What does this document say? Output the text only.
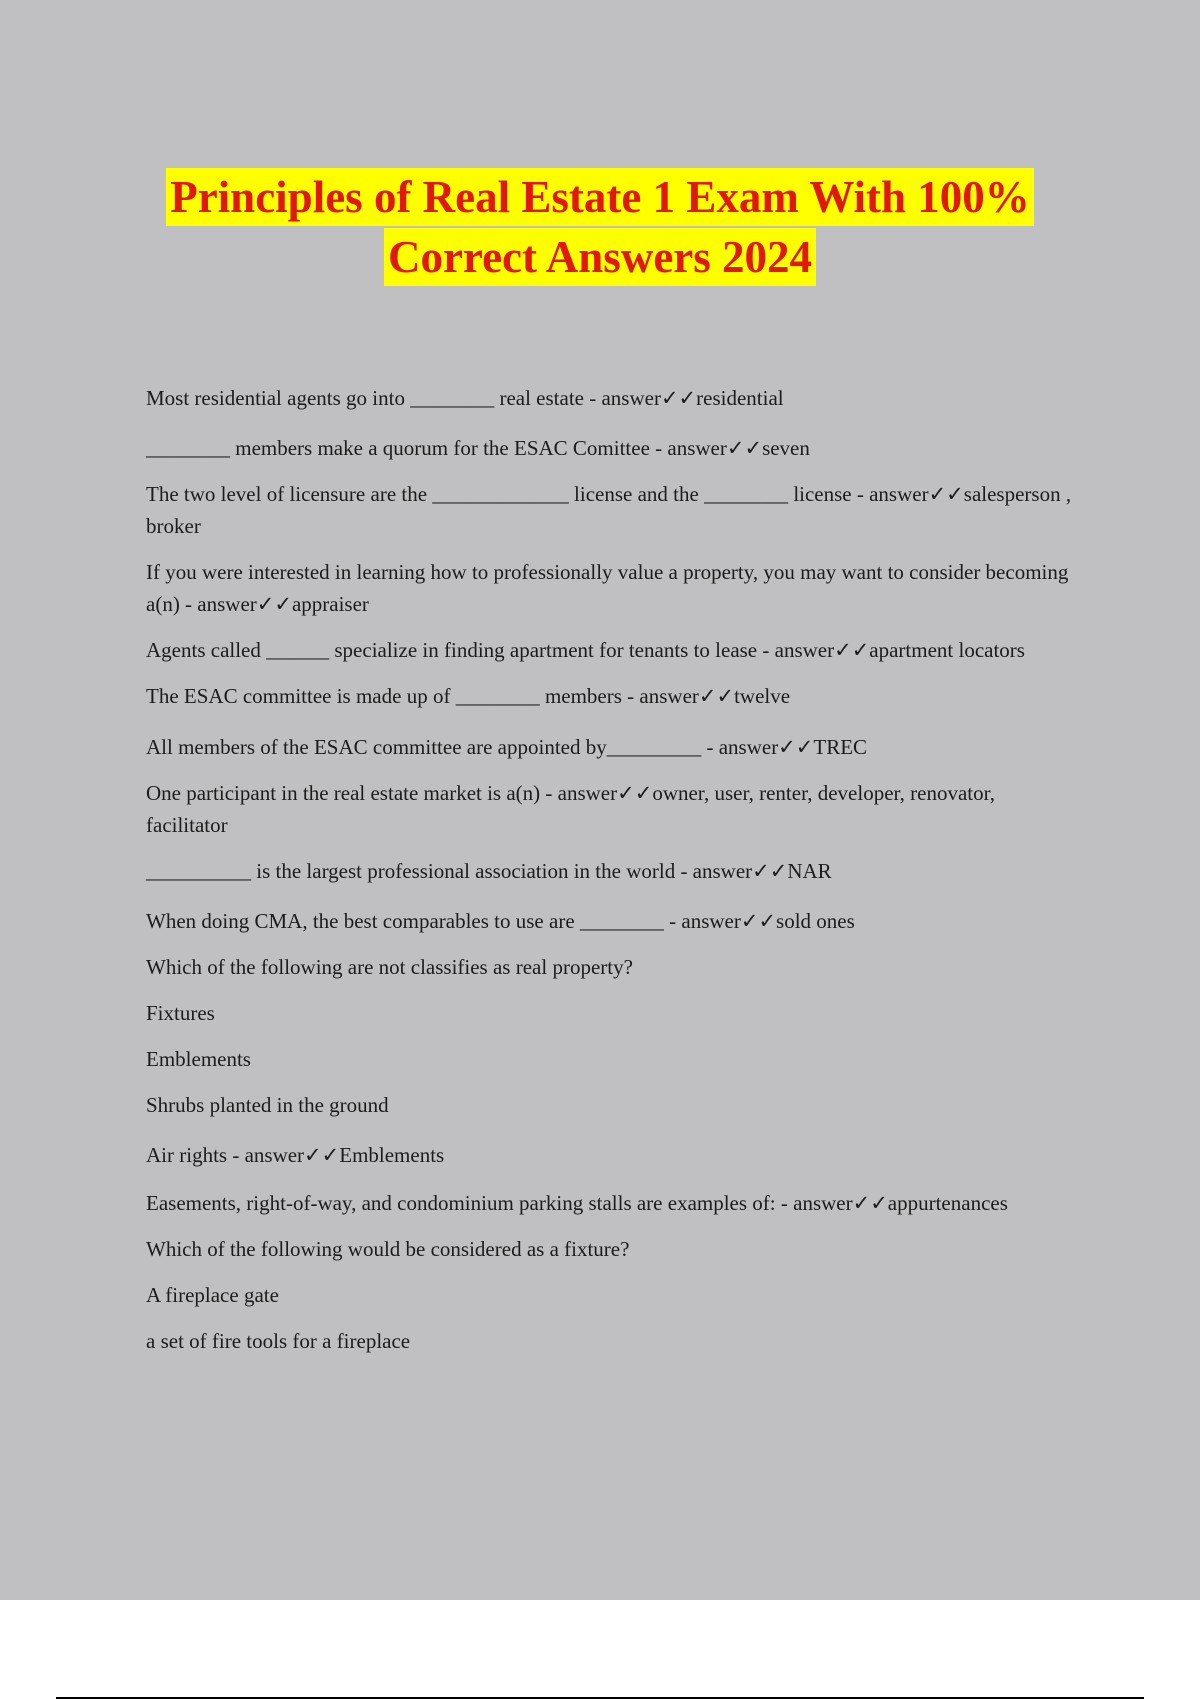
Principles of Real Estate 1 Exam With 100%
Correct Answers 2024

Most residential agents go into ________ real estate - answer✓✓residential

________ members make a quorum for the ESAC Comittee - answer✓✓seven

The two level of licensure are the _____________ license and the ________ license - answer✓✓salesperson , broker

If you were interested in learning how to professionally value a property, you may want to consider becoming a(n) - answer✓✓appraiser

Agents called ______ specialize in finding apartment for tenants to lease - answer✓✓apartment locators

The ESAC committee is made up of ________ members - answer✓✓twelve

All members of the ESAC committee are appointed by_________ - answer✓✓TREC

One participant in the real estate market is a(n) - answer✓✓owner, user, renter, developer, renovator, facilitator

__________ is the largest professional association in the world - answer✓✓NAR

When doing CMA, the best comparables to use are ________ - answer✓✓sold ones

Which of the following are not classifies as real property?

Fixtures

Emblements

Shrubs planted in the ground

Air rights - answer✓✓Emblements

Easements, right-of-way, and condominium parking stalls are examples of: - answer✓✓appurtenances

Which of the following would be considered as a fixture?

A fireplace gate

a set of fire tools for a fireplace
